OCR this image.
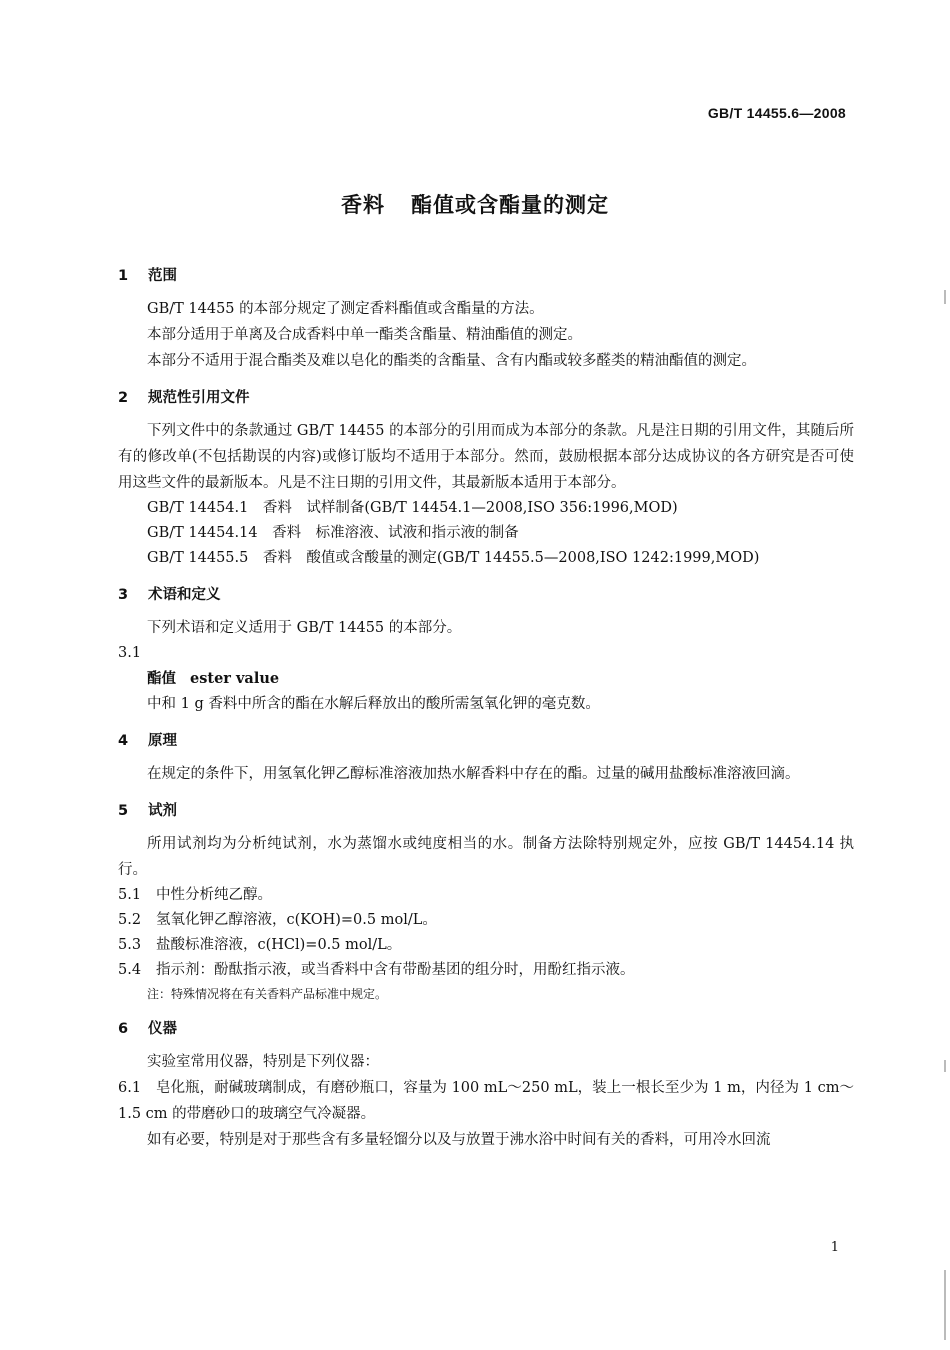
GB/T 14455.6—2008
香料 酯值或含酯量的测定
1 范围

GB/T 14455 的本部分规定了测定香料酯值或含酯量的方法。

本部分适用于单离及合成香料中单一酯类含酯量、精油酯值的测定。

本部分不适用于混合酯类及难以皂化的酯类的含酯量、含有内酯或较多醛类的精油酯值的测定。

2 规范性引用文件

下列文件中的条款通过 GB/T 14455 的本部分的引用而成为本部分的条款。凡是注日期的引用文件，其随后所有的修改单(不包括勘误的内容)或修订版均不适用于本部分。然而，鼓励根据本部分达成协议的各方研究是否可使用这些文件的最新版本。凡是不注日期的引用文件，其最新版本适用于本部分。

GB/T 14454.1　香料　试样制备(GB/T 14454.1—2008,ISO 356:1996,MOD)

GB/T 14454.14　香料　标准溶液、试液和指示液的制备

GB/T 14455.5　香料　酸值或含酸量的测定(GB/T 14455.5—2008,ISO 1242:1999,MOD)

3 术语和定义

下列术语和定义适用于 GB/T 14455 的本部分。

3.1

酯值 ester value

中和 1 g 香料中所含的酯在水解后释放出的酸所需氢氧化钾的毫克数。

4 原理

在规定的条件下，用氢氧化钾乙醇标准溶液加热水解香料中存在的酯。过量的碱用盐酸标准溶液回滴。

5 试剂

所用试剂均为分析纯试剂，水为蒸馏水或纯度相当的水。制备方法除特别规定外，应按 GB/T 14454.14 执行。

5.1 中性分析纯乙醇。

5.2 氢氧化钾乙醇溶液，c(KOH)=0.5 mol/L。

5.3 盐酸标准溶液，c(HCl)=0.5 mol/L。

5.4 指示剂：酚酞指示液，或当香料中含有带酚基团的组分时，用酚红指示液。

注：特殊情况将在有关香料产品标准中规定。

6 仪器

实验室常用仪器，特别是下列仪器：

6.1 皂化瓶，耐碱玻璃制成，有磨砂瓶口，容量为 100 mL～250 mL，装上一根长至少为 1 m，内径为 1 cm～1.5 cm 的带磨砂口的玻璃空气冷凝器。

如有必要，特别是对于那些含有多量轻馏分以及与放置于沸水浴中时间有关的香料，可用冷水回流

1
